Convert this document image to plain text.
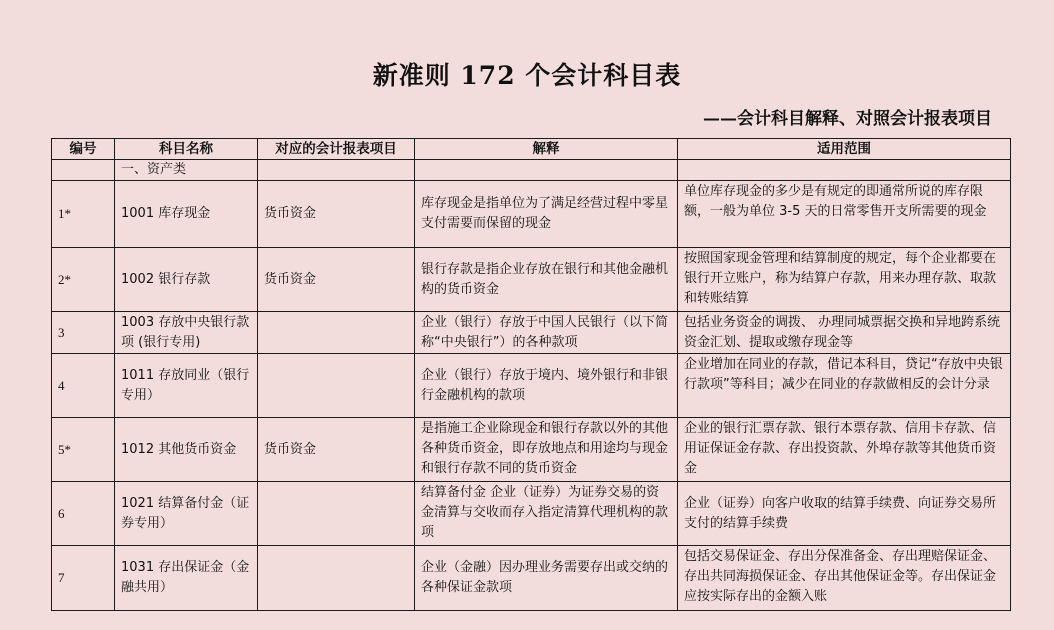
新准则 172 个会计科目表
——会计科目解释、对照会计报表项目
编号	科目名称	对应的会计报表项目	解释	适用范围
	一、资产类			
1*	1001 库存现金	货币资金	库存现金是指单位为了满足经营过程中零星支付需要而保留的现金	单位库存现金的多少是有规定的即通常所说的库存限额，一般为单位 3-5 天的日常零售开支所需要的现金
2*	1002 银行存款	货币资金	银行存款是指企业存放在银行和其他金融机构的货币资金	按照国家现金管理和结算制度的规定，每个企业都要在银行开立账户，称为结算户存款，用来办理存款、取款和转账结算
3	1003 存放中央银行款项 (银行专用)		企业（银行）存放于中国人民银行（以下简称“中央银行”）的各种款项	包括业务资金的调拨、 办理同城票据交换和异地跨系统资金汇划、提取或缴存现金等
4	1011 存放同业（银行专用）		企业（银行）存放于境内、境外银行和非银行金融机构的款项	企业增加在同业的存款，借记本科目，贷记“存放中央银行款项”等科目；减少在同业的存款做相反的会计分录
5*	1012 其他货币资金	货币资金	是指施工企业除现金和银行存款以外的其他各种货币资金，即存放地点和用途均与现金和银行存款不同的货币资金	企业的银行汇票存款、银行本票存款、信用卡存款、信用证保证金存款、存出投资款、外埠存款等其他货币资金
6	1021 结算备付金（证券专用）		结算备付金 企业（证券）为证券交易的资金清算与交收而存入指定清算代理机构的款项	企业（证券）向客户收取的结算手续费、向证券交易所支付的结算手续费
7	1031 存出保证金（金融共用）		企业（金融）因办理业务需要存出或交纳的各种保证金款项	包括交易保证金、存出分保准备金、存出理赔保证金、存出共同海损保证金、存出其他保证金等。存出保证金应按实际存出的金额入账
